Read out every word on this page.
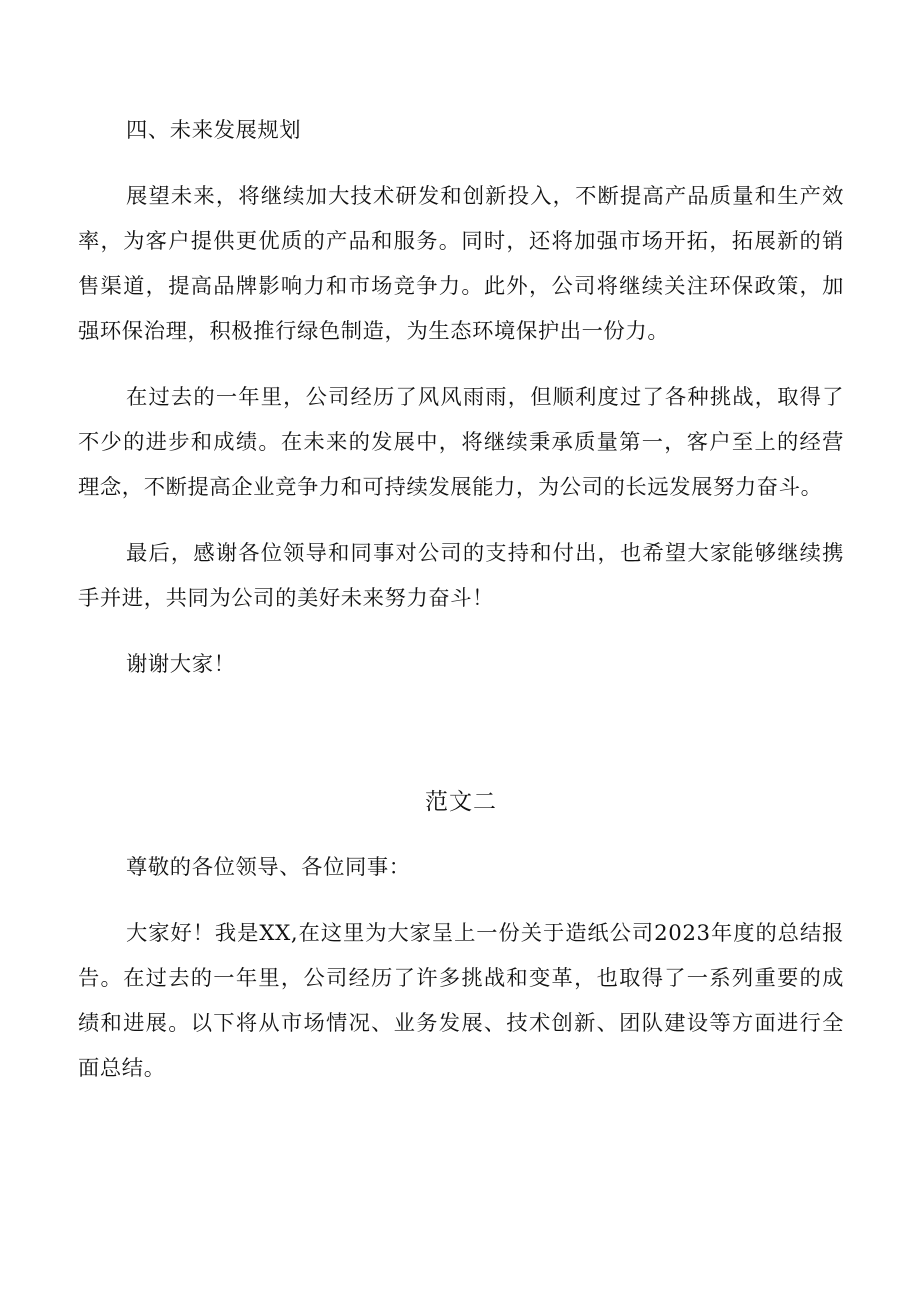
四、未来发展规划

展望未来，将继续加大技术研发和创新投入，不断提高产品质量和生产效率，为客户提供更优质的产品和服务。同时，还将加强市场开拓，拓展新的销售渠道，提高品牌影响力和市场竞争力。此外，公司将继续关注环保政策，加强环保治理，积极推行绿色制造，为生态环境保护出一份力。

在过去的一年里，公司经历了风风雨雨，但顺利度过了各种挑战，取得了不少的进步和成绩。在未来的发展中，将继续秉承质量第一，客户至上的经营理念，不断提高企业竞争力和可持续发展能力，为公司的长远发展努力奋斗。

最后，感谢各位领导和同事对公司的支持和付出，也希望大家能够继续携手并进，共同为公司的美好未来努力奋斗！

谢谢大家！

范文二

尊敬的各位领导、各位同事：

大家好！我是XX,在这里为大家呈上一份关于造纸公司2023年度的总结报告。在过去的一年里，公司经历了许多挑战和变革，也取得了一系列重要的成绩和进展。以下将从市场情况、业务发展、技术创新、团队建设等方面进行全面总结。
